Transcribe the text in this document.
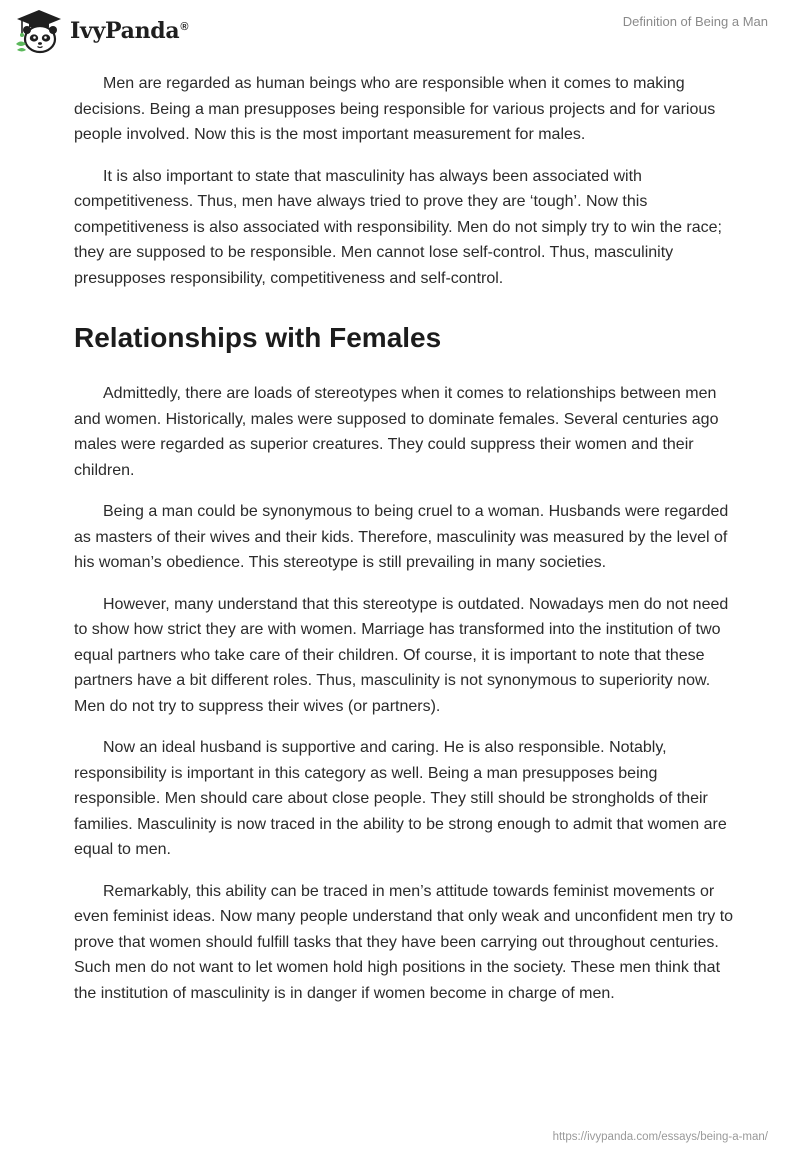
IvyPanda®	Definition of Being a Man

Men are regarded as human beings who are responsible when it comes to making decisions. Being a man presupposes being responsible for various projects and for various people involved. Now this is the most important measurement for males.

It is also important to state that masculinity has always been associated with competitiveness. Thus, men have always tried to prove they are ‘tough’. Now this competitiveness is also associated with responsibility. Men do not simply try to win the race; they are supposed to be responsible. Men cannot lose self-control. Thus, masculinity presupposes responsibility, competitiveness and self-control.

Relationships with Females

Admittedly, there are loads of stereotypes when it comes to relationships between men and women. Historically, males were supposed to dominate females. Several centuries ago males were regarded as superior creatures. They could suppress their women and their children.

Being a man could be synonymous to being cruel to a woman. Husbands were regarded as masters of their wives and their kids. Therefore, masculinity was measured by the level of his woman’s obedience. This stereotype is still prevailing in many societies.

However, many understand that this stereotype is outdated. Nowadays men do not need to show how strict they are with women. Marriage has transformed into the institution of two equal partners who take care of their children. Of course, it is important to note that these partners have a bit different roles. Thus, masculinity is not synonymous to superiority now. Men do not try to suppress their wives (or partners).

Now an ideal husband is supportive and caring. He is also responsible. Notably, responsibility is important in this category as well. Being a man presupposes being responsible. Men should care about close people. They still should be strongholds of their families. Masculinity is now traced in the ability to be strong enough to admit that women are equal to men.

Remarkably, this ability can be traced in men’s attitude towards feminist movements or even feminist ideas. Now many people understand that only weak and unconfident men try to prove that women should fulfill tasks that they have been carrying out throughout centuries. Such men do not want to let women hold high positions in the society. These men think that the institution of masculinity is in danger if women become in charge of men.

https://ivypanda.com/essays/being-a-man/
